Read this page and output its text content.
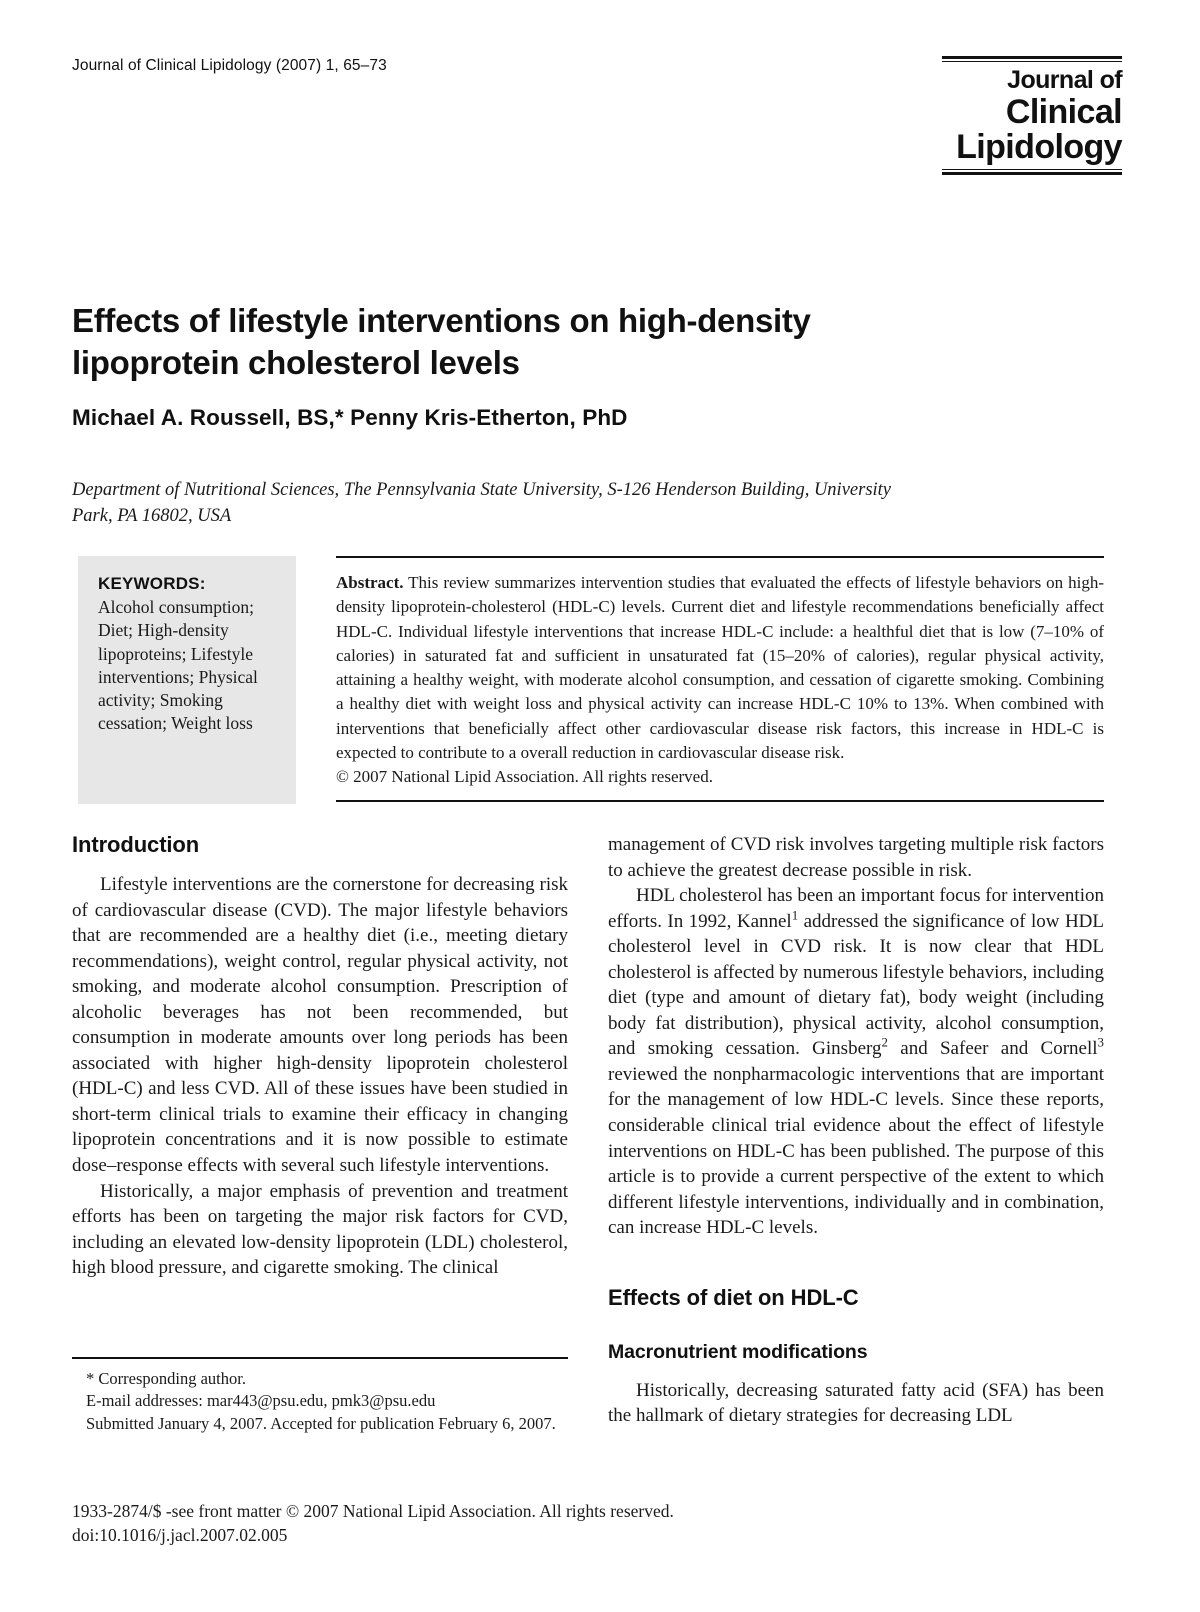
Journal of Clinical Lipidology (2007) 1, 65–73
Journal of
Clinical
Lipidology
Effects of lifestyle interventions on high-density lipoprotein cholesterol levels
Michael A. Roussell, BS,* Penny Kris-Etherton, PhD
Department of Nutritional Sciences, The Pennsylvania State University, S-126 Henderson Building, University Park, PA 16802, USA
KEYWORDS:
Alcohol consumption; Diet; High-density lipoproteins; Lifestyle interventions; Physical activity; Smoking cessation; Weight loss
Abstract. This review summarizes intervention studies that evaluated the effects of lifestyle behaviors on high-density lipoprotein-cholesterol (HDL-C) levels. Current diet and lifestyle recommendations beneficially affect HDL-C. Individual lifestyle interventions that increase HDL-C include: a healthful diet that is low (7–10% of calories) in saturated fat and sufficient in unsaturated fat (15–20% of calories), regular physical activity, attaining a healthy weight, with moderate alcohol consumption, and cessation of cigarette smoking. Combining a healthy diet with weight loss and physical activity can increase HDL-C 10% to 13%. When combined with interventions that beneficially affect other cardiovascular disease risk factors, this increase in HDL-C is expected to contribute to a overall reduction in cardiovascular disease risk.
© 2007 National Lipid Association. All rights reserved.
Introduction

Lifestyle interventions are the cornerstone for decreasing risk of cardiovascular disease (CVD). The major lifestyle behaviors that are recommended are a healthy diet (i.e., meeting dietary recommendations), weight control, regular physical activity, not smoking, and moderate alcohol consumption. Prescription of alcoholic beverages has not been recommended, but consumption in moderate amounts over long periods has been associated with higher high-density lipoprotein cholesterol (HDL-C) and less CVD. All of these issues have been studied in short-term clinical trials to examine their efficacy in changing lipoprotein concentrations and it is now possible to estimate dose–response effects with several such lifestyle interventions.

Historically, a major emphasis of prevention and treatment efforts has been on targeting the major risk factors for CVD, including an elevated low-density lipoprotein (LDL) cholesterol, high blood pressure, and cigarette smoking. The clinical

management of CVD risk involves targeting multiple risk factors to achieve the greatest decrease possible in risk.

HDL cholesterol has been an important focus for intervention efforts. In 1992, Kannel$^1$ addressed the significance of low HDL cholesterol level in CVD risk. It is now clear that HDL cholesterol is affected by numerous lifestyle behaviors, including diet (type and amount of dietary fat), body weight (including body fat distribution), physical activity, alcohol consumption, and smoking cessation. Ginsberg$^2$ and Safeer and Cornell$^3$ reviewed the nonpharmacologic interventions that are important for the management of low HDL-C levels. Since these reports, considerable clinical trial evidence about the effect of lifestyle interventions on HDL-C has been published. The purpose of this article is to provide a current perspective of the extent to which different lifestyle interventions, individually and in combination, can increase HDL-C levels.

Effects of diet on HDL-C
Macronutrient modifications

Historically, decreasing saturated fatty acid (SFA) has been the hallmark of dietary strategies for decreasing LDL

* Corresponding author.
E-mail addresses: mar443@psu.edu, pmk3@psu.edu
Submitted January 4, 2007. Accepted for publication February 6, 2007.
1933-2874/$ -see front matter © 2007 National Lipid Association. All rights reserved.
doi:10.1016/j.jacl.2007.02.005
